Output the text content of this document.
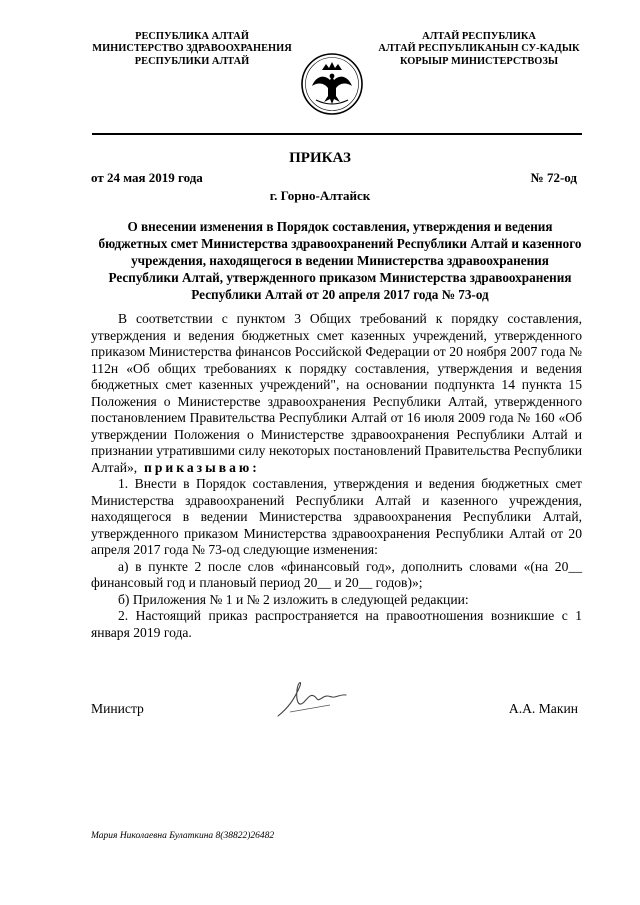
РЕСПУБЛИКА АЛТАЙ
МИНИСТЕРСТВО ЗДРАВООХРАНЕНИЯ
РЕСПУБЛИКИ АЛТАЙ
АЛТАЙ РЕСПУБЛИКА
АЛТАЙ РЕСПУБЛИКАНЫН СУ-КАДЫК
КОРЫЫР МИНИСТЕРСТВОЗЫ
ПРИКАЗ
от 24 мая 2019 года	№ 72-од
г. Горно-Алтайск
О внесении изменения в Порядок составления, утверждения и ведения бюджетных смет Министерства здравоохранений Республики Алтай и казенного учреждения, находящегося в ведении Министерства здравоохранения Республики Алтай, утвержденного приказом Министерства здравоохранения Республики Алтай от 20 апреля 2017 года № 73-од

В соответствии с пунктом 3 Общих требований к порядку составления, утверждения и ведения бюджетных смет казенных учреждений, утвержденного приказом Министерства финансов Российской Федерации от 20 ноября 2007 года № 112н «Об общих требованиях к порядку составления, утверждения и ведения бюджетных смет казенных учреждений", на основании подпункта 14 пункта 15 Положения о Министерстве здравоохранения Республики Алтай, утвержденного постановлением Правительства Республики Алтай от 16 июля 2009 года № 160 «Об утверждении Положения о Министерстве здравоохранения Республики Алтай и признании утратившими силу некоторых постановлений Правительства Республики Алтай», приказываю:

1. Внести в Порядок составления, утверждения и ведения бюджетных смет Министерства здравоохранений Республики Алтай и казенного учреждения, находящегося в ведении Министерства здравоохранения Республики Алтай, утвержденного приказом Министерства здравоохранения Республики Алтай от 20 апреля 2017 года № 73-од следующие изменения:

а) в пункте 2 после слов «финансовый год», дополнить словами «(на 20__ финансовый год и плановый период 20__ и 20__ годов)»;

б) Приложения № 1 и № 2 изложить в следующей редакции:

2. Настоящий приказ распространяется на правоотношения возникшие с 1 января 2019 года.

Министр	А.А. Макин
Мария Николаевна Булаткина 8(38822)26482
